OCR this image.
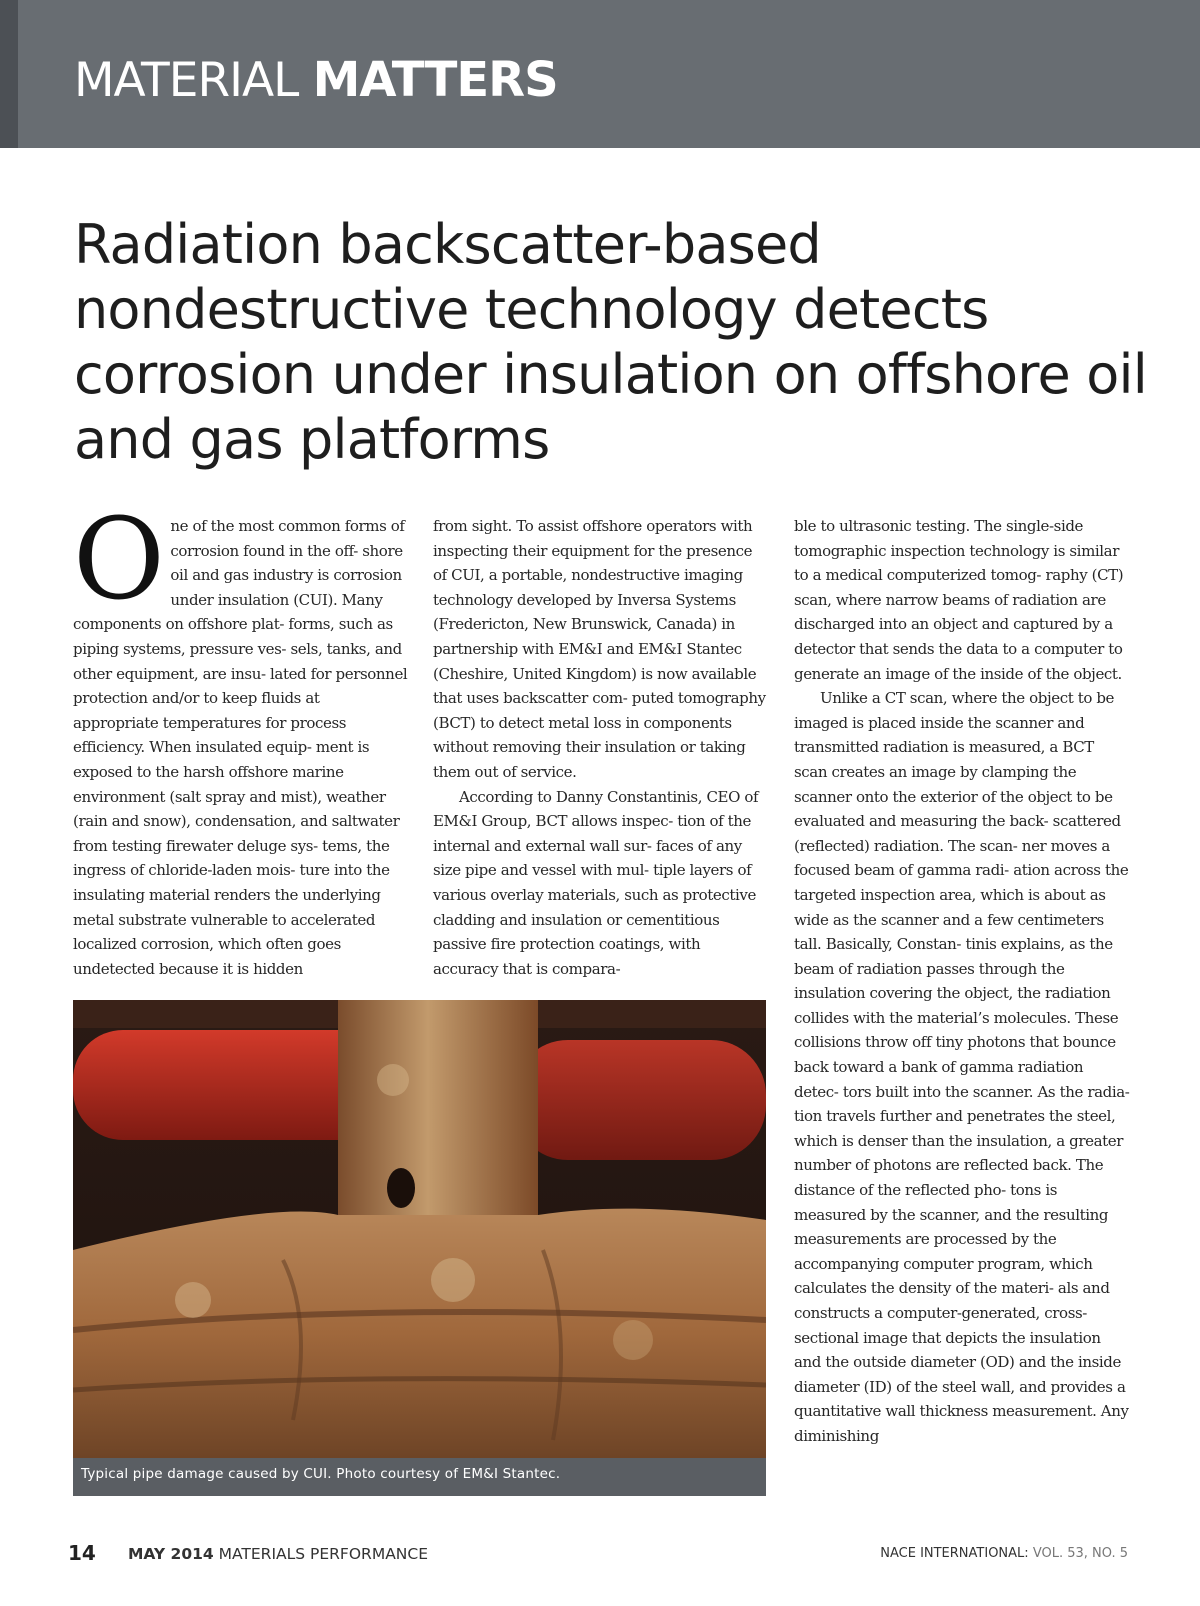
MATERIAL MATTERS
Radiation backscatter-based nondestructive technology detects corrosion under insulation on offshore oil and gas platforms
O ne of the most common forms of corrosion found in the off- shore oil and gas industry is corrosion under insulation (CUI). Many components on offshore plat- forms, such as piping systems, pressure ves- sels, tanks, and other equipment, are insu- lated for personnel protection and/or to keep fluids at appropriate temperatures for process efficiency. When insulated equip- ment is exposed to the harsh offshore marine environment (salt spray and mist), weather (rain and snow), condensation, and saltwater from testing firewater deluge sys- tems, the ingress of chloride-laden mois- ture into the insulating material renders the underlying metal substrate vulnerable to accelerated localized corrosion, which often goes undetected because it is hidden

from sight. To assist offshore operators with inspecting their equipment for the presence of CUI, a portable, nondestructive imaging technology developed by Inversa Systems (Fredericton, New Brunswick, Canada) in partnership with EM&I and EM&I Stantec (Cheshire, United Kingdom) is now available that uses backscatter com- puted tomography (BCT) to detect metal loss in components without removing their insulation or taking them out of service.

According to Danny Constantinis, CEO of EM&I Group, BCT allows inspec- tion of the internal and external wall sur- faces of any size pipe and vessel with mul- tiple layers of various overlay materials, such as protective cladding and insulation or cementitious passive fire protection coatings, with accuracy that is compara-

ble to ultrasonic testing. The single-side tomographic inspection technology is similar to a medical computerized tomog- raphy (CT) scan, where narrow beams of radiation are discharged into an object and captured by a detector that sends the data to a computer to generate an image of the inside of the object.

Unlike a CT scan, where the object to be imaged is placed inside the scanner and transmitted radiation is measured, a BCT scan creates an image by clamping the scanner onto the exterior of the object to be evaluated and measuring the back- scattered (reflected) radiation. The scan- ner moves a focused beam of gamma radi- ation across the targeted inspection area, which is about as wide as the scanner and a few centimeters tall. Basically, Constan- tinis explains, as the beam of radiation passes through the insulation covering the object, the radiation collides with the material’s molecules. These collisions throw off tiny photons that bounce back toward a bank of gamma radiation detec- tors built into the scanner. As the radia- tion travels further and penetrates the steel, which is denser than the insulation, a greater number of photons are reflected back. The distance of the reflected pho- tons is measured by the scanner, and the resulting measurements are processed by the accompanying computer program, which calculates the density of the materi- als and constructs a computer-generated, cross-sectional image that depicts the insulation and the outside diameter (OD) and the inside diameter (ID) of the steel wall, and provides a quantitative wall thickness measurement. Any diminishing

Typical pipe damage caused by CUI. Photo courtesy of EM&I Stantec.
14 MAY 2014 MATERIALS PERFORMANCE	NACE INTERNATIONAL: VOL. 53, NO. 5
